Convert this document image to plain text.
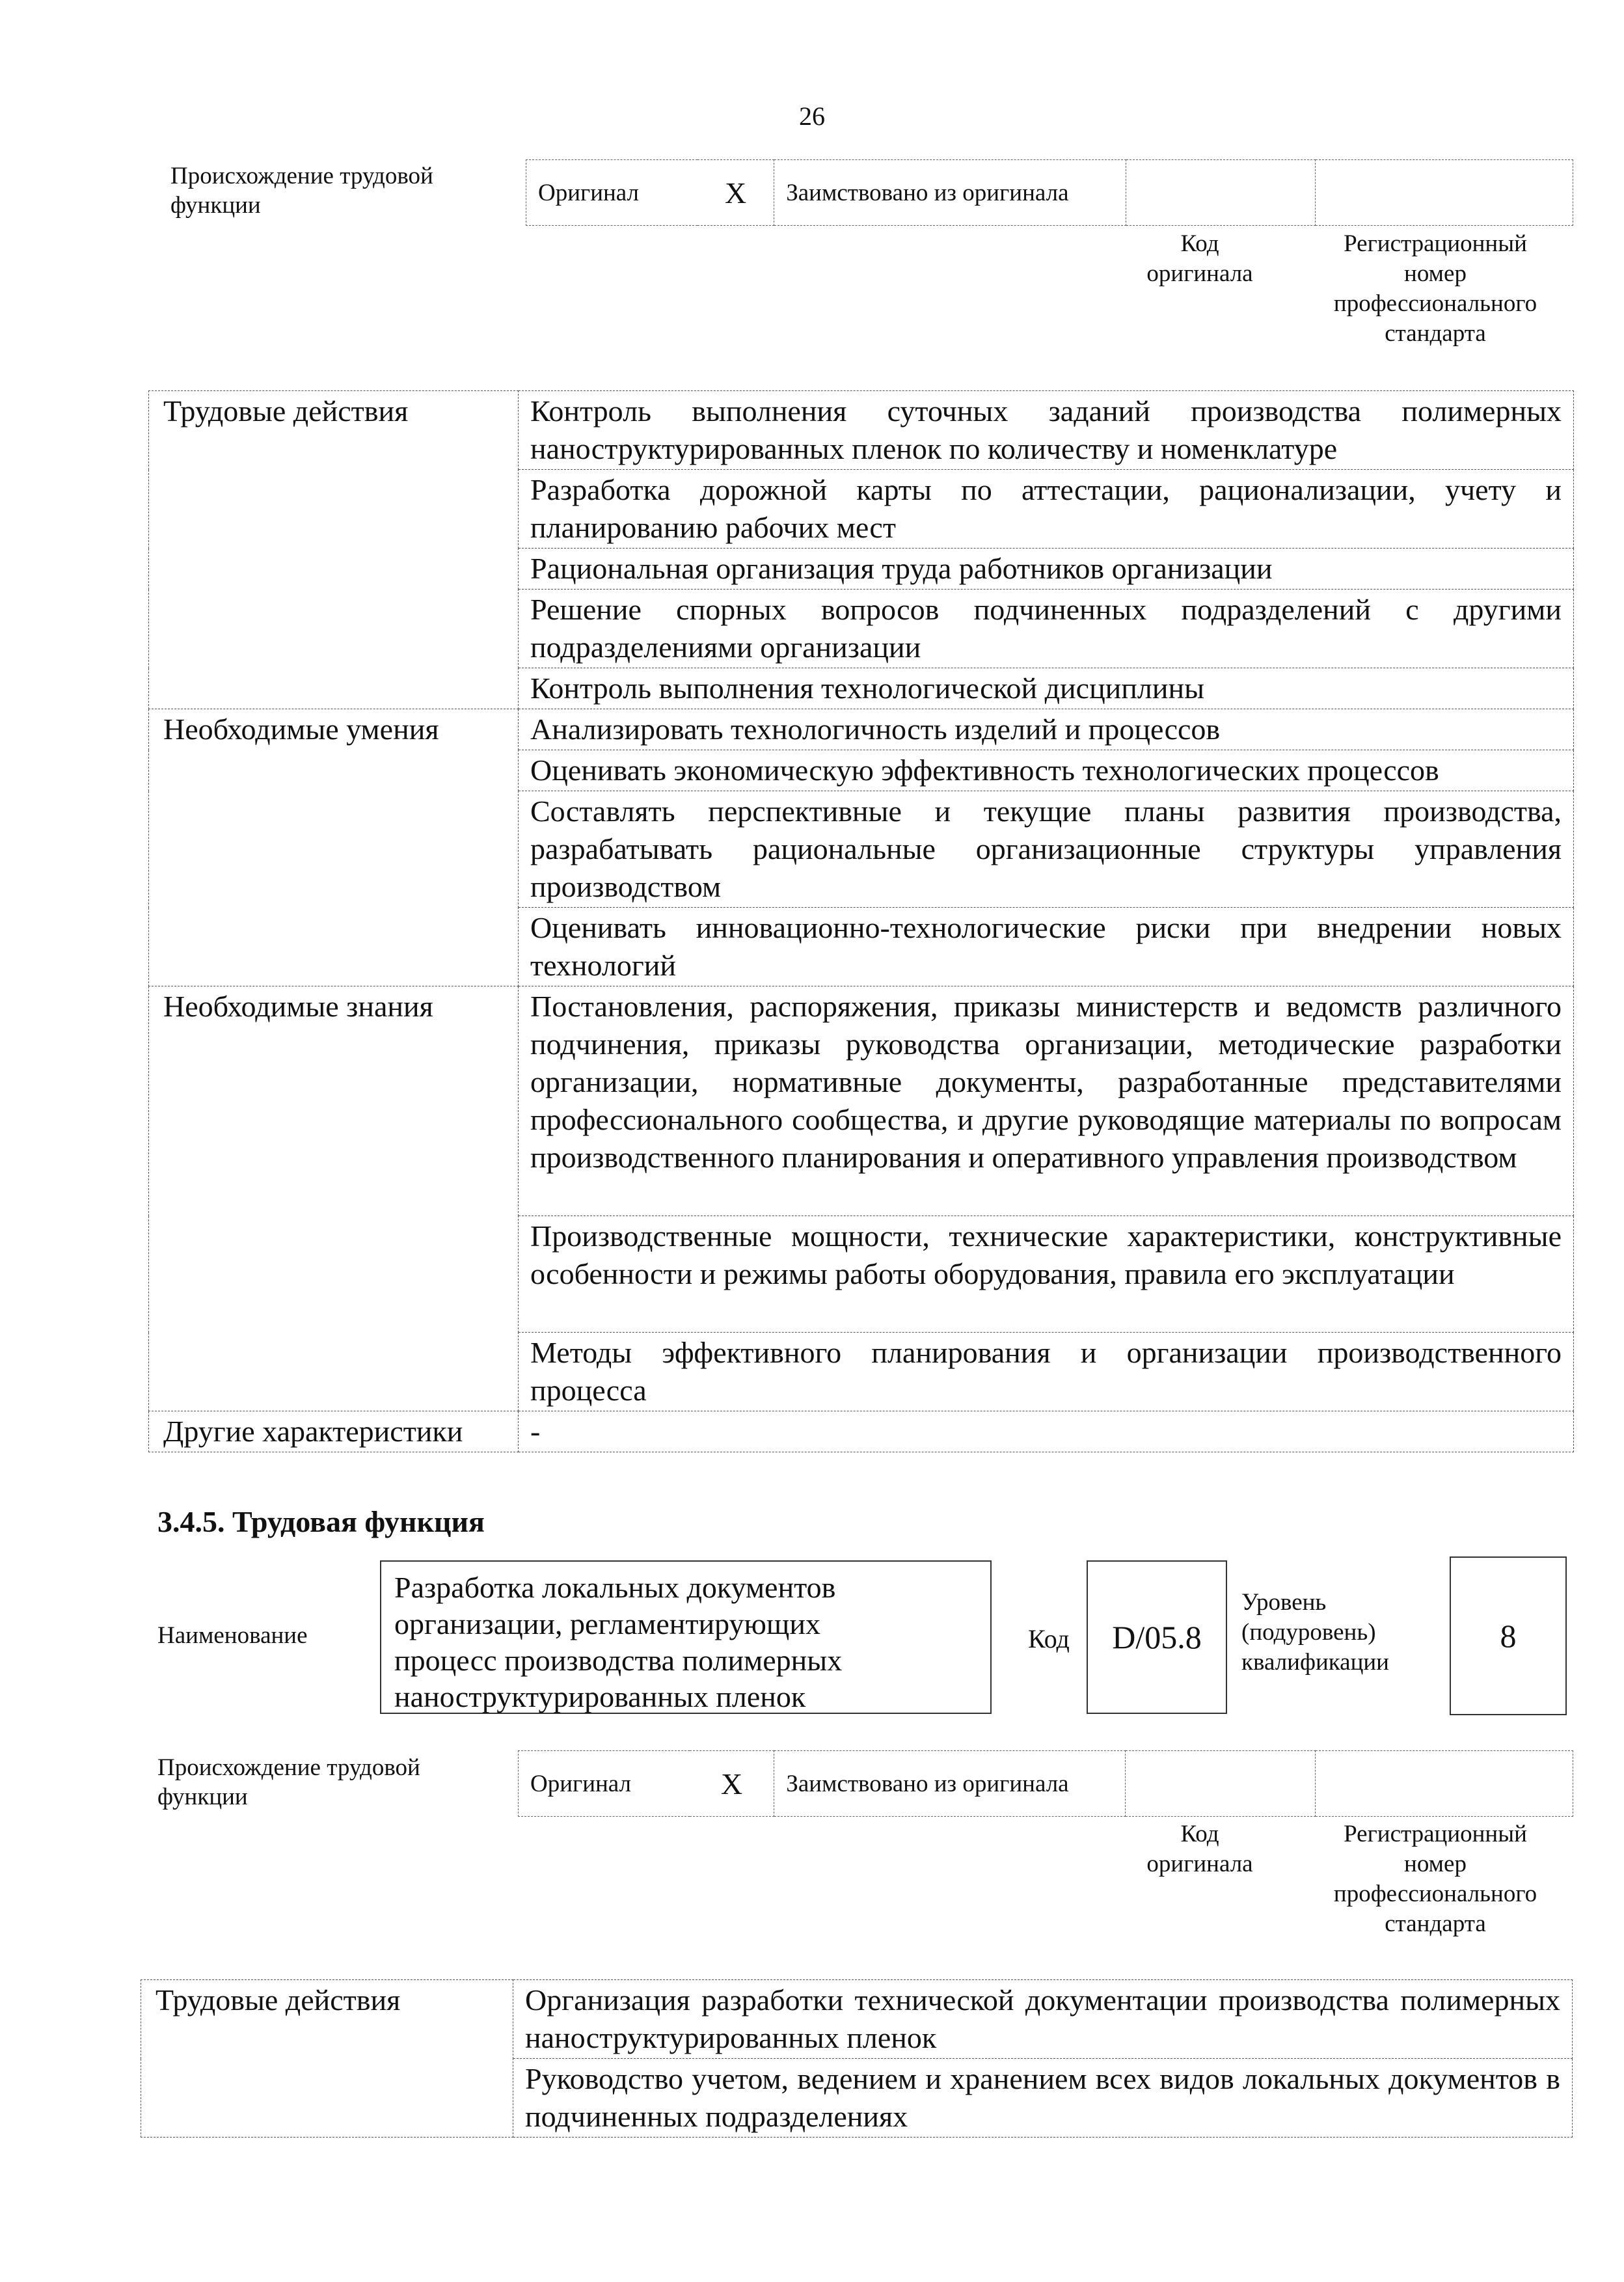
26
Происхождение трудовой
функции	Оригинал	X	Заимствовано из оригинала		
Код
оригинала
Регистрационный
номер
профессионального
стандарта
Трудовые действия	Контроль выполнения суточных заданий производства полимерных наноструктурированных пленок по количеству и номенклатуре
	Разработка дорожной карты по аттестации, рационализации, учету и планированию рабочих мест
	Рациональная организация труда работников организации
	Решение спорных вопросов подчиненных подразделений с другими подразделениями организации
	Контроль выполнения технологической дисциплины
Необходимые умения	Анализировать технологичность изделий и процессов
	Оценивать экономическую эффективность технологических процессов
	Составлять перспективные и текущие планы развития производства, разрабатывать рациональные организационные структуры управления производством
	Оценивать инновационно-технологические риски при внедрении новых технологий
Необходимые знания	Постановления, распоряжения, приказы министерств и ведомств различного подчинения, приказы руководства организации, методические разработки организации, нормативные документы, разработанные представителями профессионального сообщества, и другие руководящие материалы по вопросам производственного планирования и оперативного управления производством
	Производственные мощности, технические характеристики, конструктивные особенности и режимы работы оборудования, правила его эксплуатации
	Методы эффективного планирования и организации производственного процесса
Другие характеристики	-
3.4.5. Трудовая функция
Наименование
Разработка локальных документов
организации, регламентирующих
процесс производства полимерных
наноструктурированных пленок
Код	D/05.8
Уровень
(подуровень)
квалификации
8
Происхождение трудовой
функции	Оригинал	X	Заимствовано из оригинала		
Код
оригинала
Регистрационный
номер
профессионального
стандарта
Трудовые действия	Организация разработки технической документации производства полимерных наноструктурированных пленок
Руководство учетом, ведением и хранением всех видов локальных документов в подчиненных подразделениях
